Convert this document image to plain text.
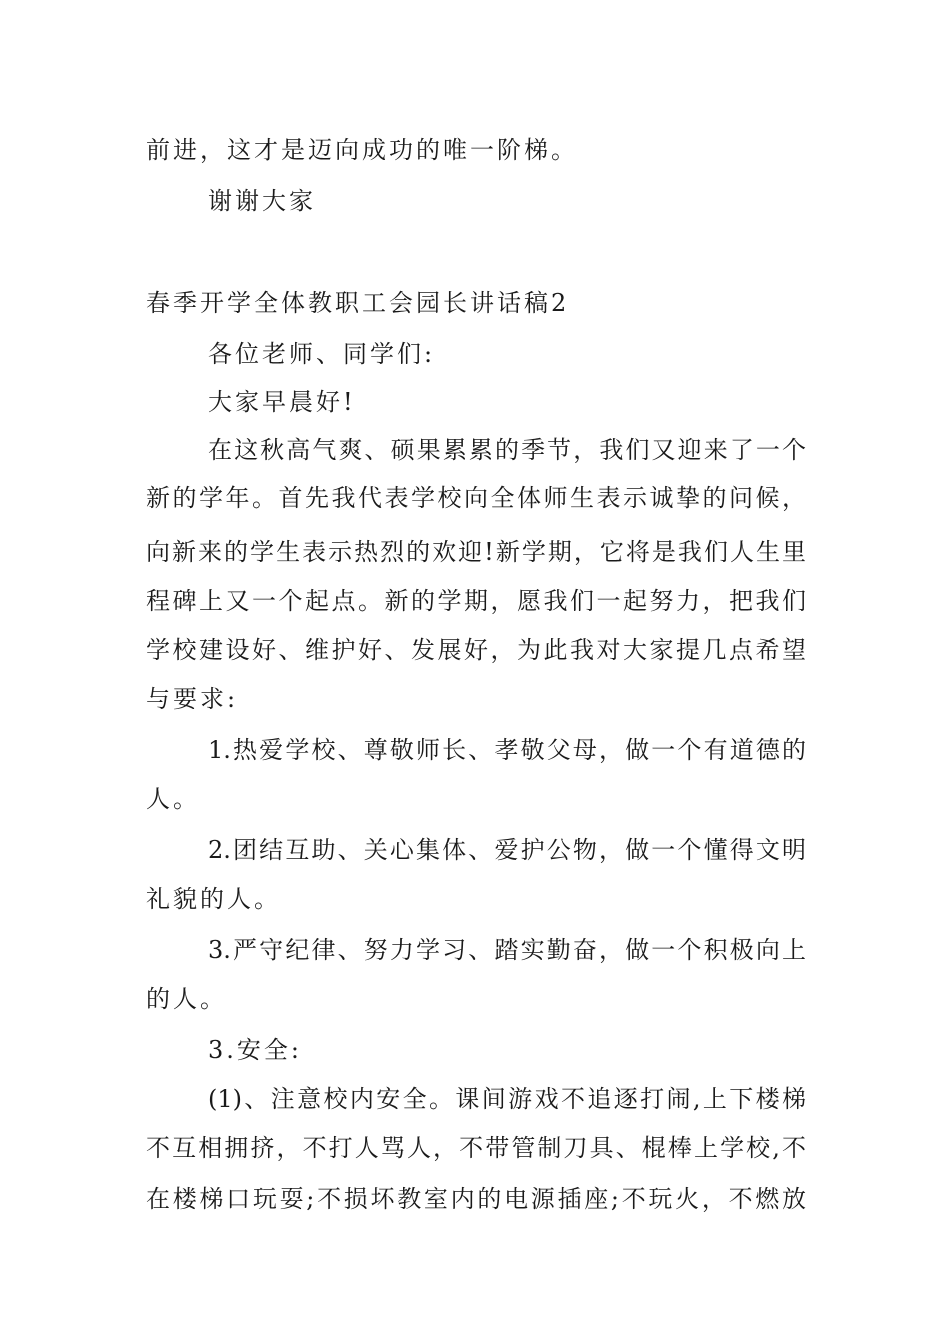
前进，这才是迈向成功的唯一阶梯。
谢谢大家
春季开学全体教职工会园长讲话稿2
各位老师、同学们:
大家早晨好!
在这秋高气爽、硕果累累的季节，我们又迎来了一个
新的学年。首先我代表学校向全体师生表示诚挚的问候，
向新来的学生表示热烈的欢迎!新学期，它将是我们人生里
程碑上又一个起点。新的学期，愿我们一起努力，把我们
学校建设好、维护好、发展好，为此我对大家提几点希望
与要求:
1.热爱学校、尊敬师长、孝敬父母，做一个有道德的
人。
2.团结互助、关心集体、爱护公物，做一个懂得文明
礼貌的人。
3.严守纪律、努力学习、踏实勤奋，做一个积极向上
的人。
3.安全:
(1)、注意校内安全。课间游戏不追逐打闹,上下楼梯
不互相拥挤，不打人骂人，不带管制刀具、棍棒上学校,不
在楼梯口玩耍;不损坏教室内的电源插座;不玩火，不燃放
